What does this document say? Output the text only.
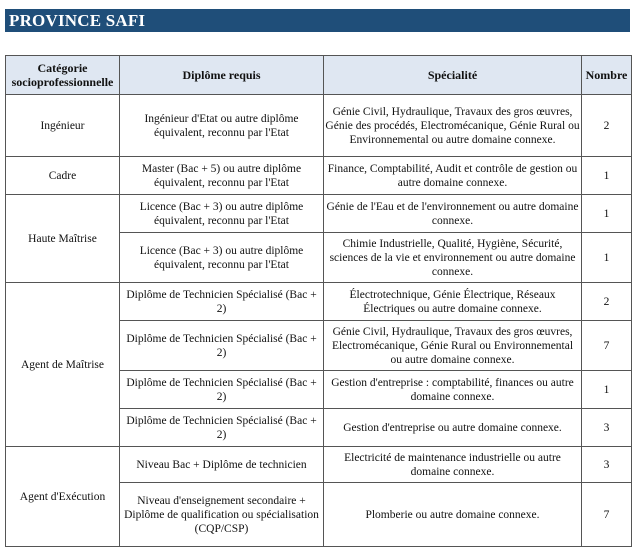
PROVINCE SAFI
Catégorie socioprofessionnelle	Diplôme requis	Spécialité	Nombre
Ingénieur	Ingénieur d'Etat ou autre diplôme équivalent, reconnu par l'Etat	Génie Civil, Hydraulique, Travaux des gros œuvres, Génie des procédés, Electromécanique, Génie Rural ou Environnemental ou autre domaine connexe.	2
Cadre	Master (Bac + 5) ou autre diplôme équivalent, reconnu par l'Etat	Finance, Comptabilité, Audit et contrôle de gestion ou autre domaine connexe.	1
Haute Maîtrise	Licence (Bac + 3) ou autre diplôme équivalent, reconnu par l'Etat	Génie de l'Eau et de l'environnement ou autre domaine connexe.	1
	Licence (Bac + 3) ou autre diplôme équivalent, reconnu par l'Etat	Chimie Industrielle, Qualité, Hygiène, Sécurité, sciences de la vie et environnement ou autre domaine connexe.	1
Agent de Maîtrise	Diplôme de Technicien Spécialisé (Bac + 2)	Électrotechnique, Génie Électrique, Réseaux Électriques ou autre domaine connexe.	2
	Diplôme de Technicien Spécialisé (Bac + 2)	Génie Civil, Hydraulique, Travaux des gros œuvres, Electromécanique, Génie Rural ou Environnemental ou autre domaine connexe.	7
	Diplôme de Technicien Spécialisé (Bac + 2)	Gestion d'entreprise : comptabilité, finances ou autre domaine connexe.	1
	Diplôme de Technicien Spécialisé (Bac + 2)	Gestion d'entreprise ou autre domaine connexe.	3
Agent d'Exécution	Niveau Bac + Diplôme de technicien	Electricité de maintenance industrielle ou autre domaine connexe.	3
	Niveau d'enseignement secondaire + Diplôme de qualification ou spécialisation (CQP/CSP)	Plomberie ou autre domaine connexe.	7
